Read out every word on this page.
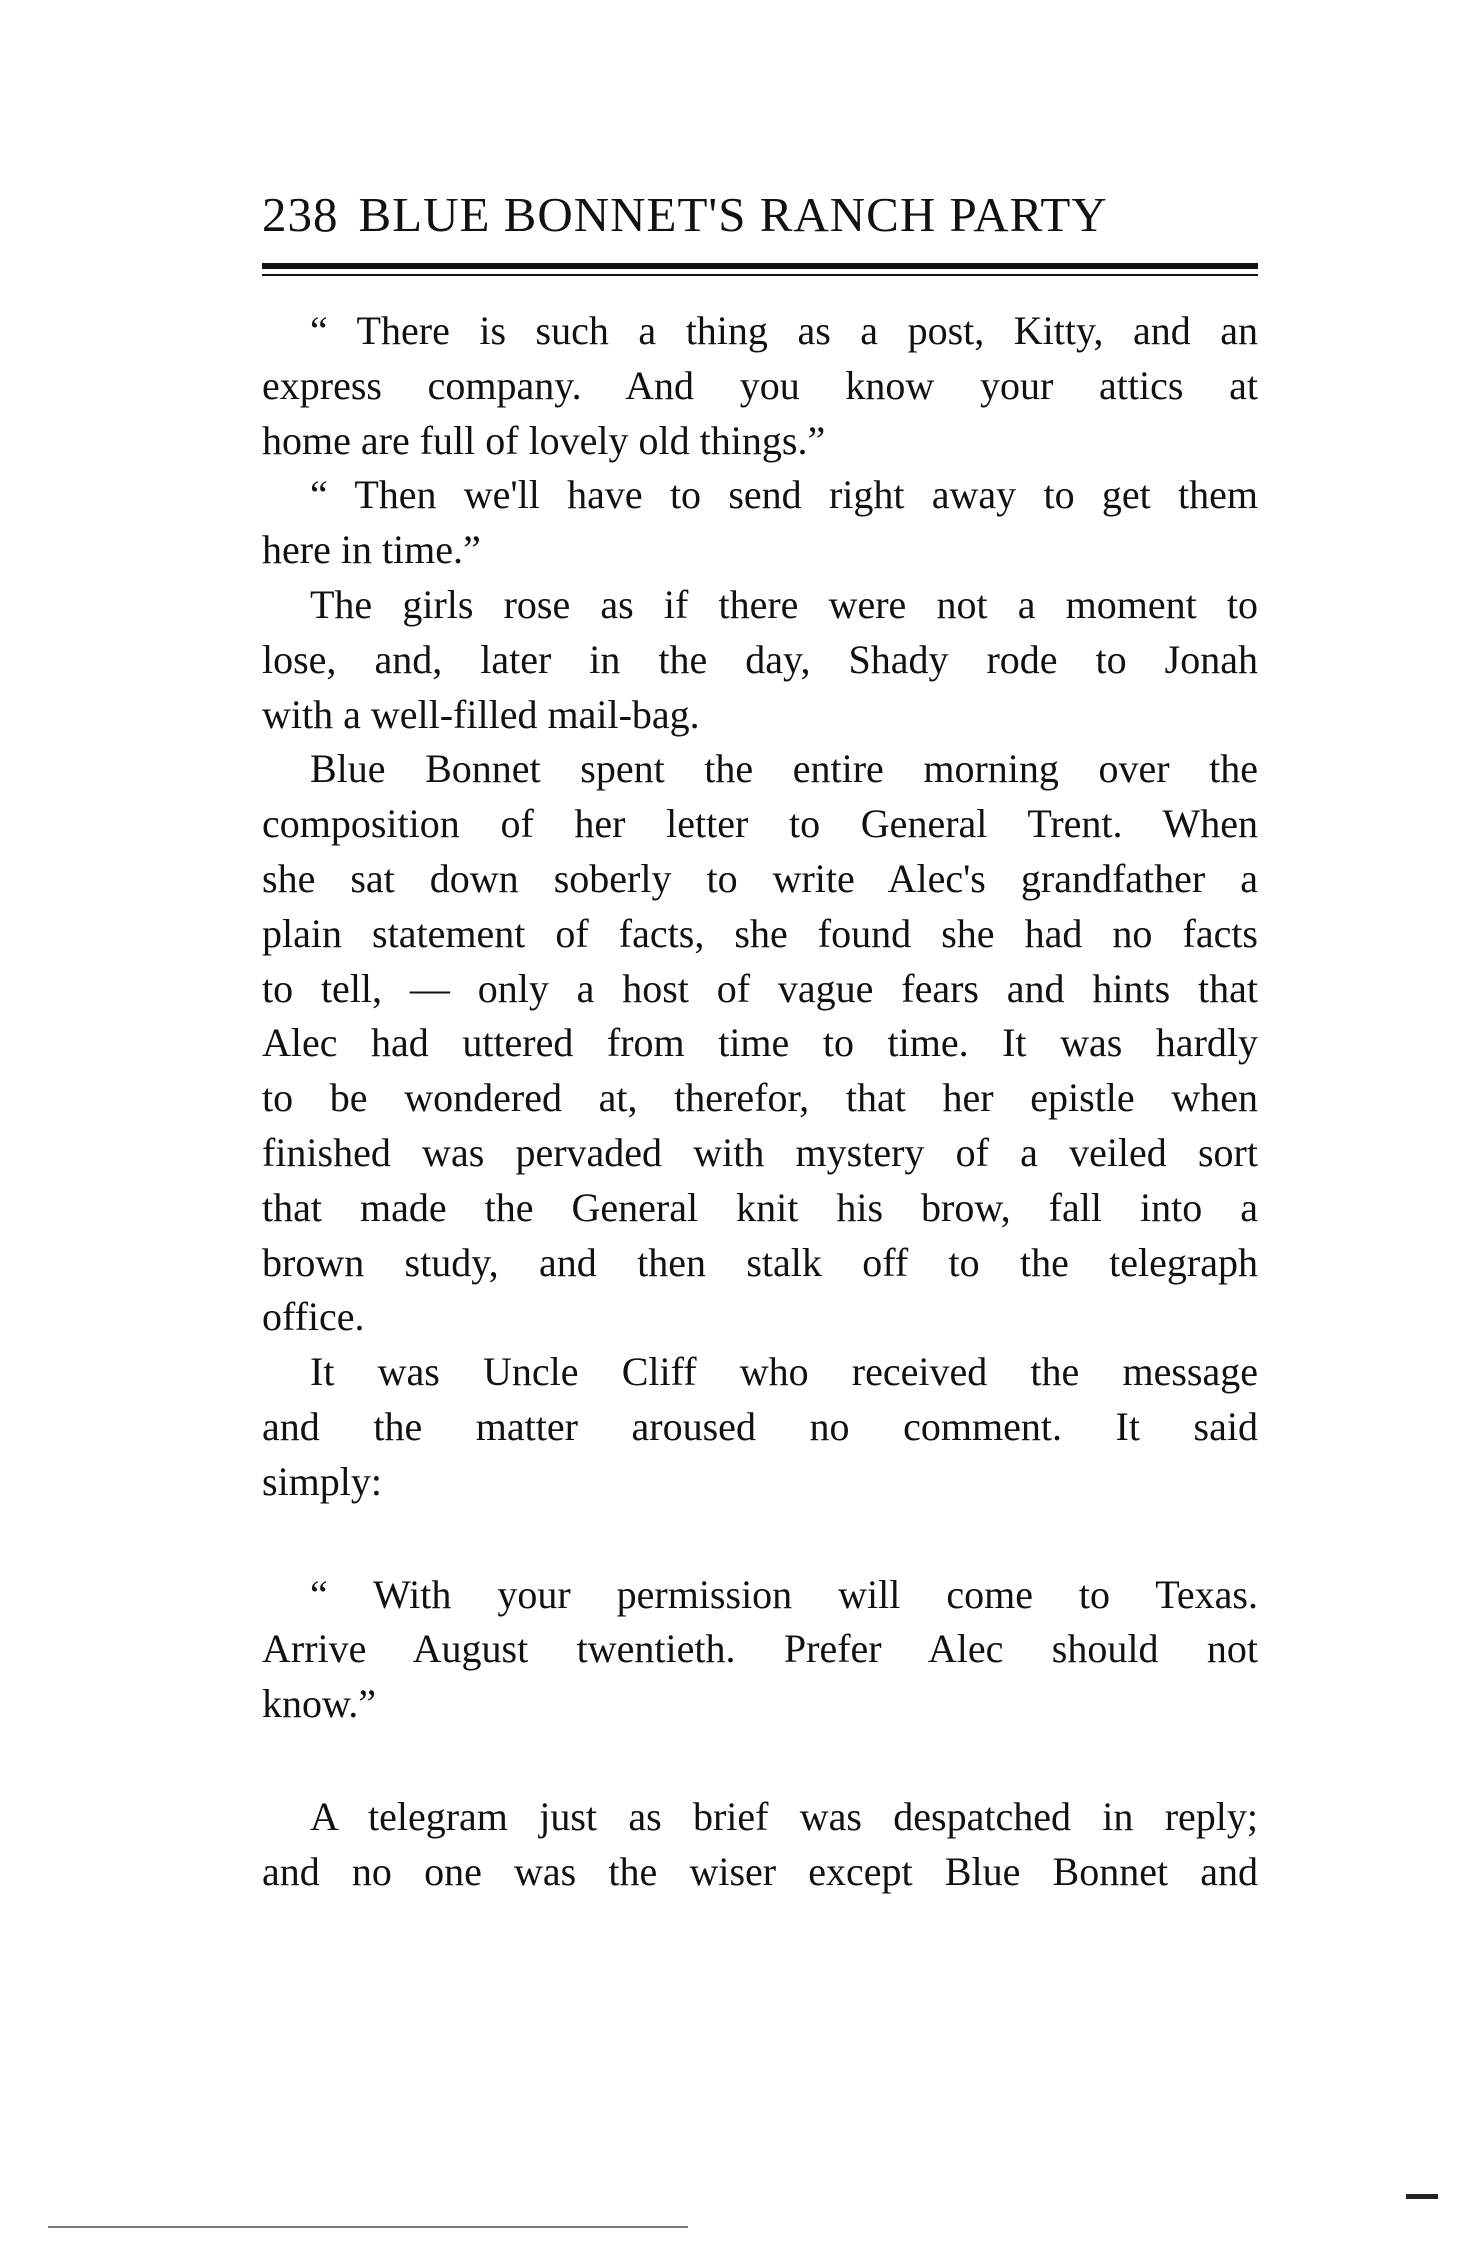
238 BLUE BONNET'S RANCH PARTY

“ There is such a thing as a post, Kitty, and an
express company. And you know your attics at
home are full of lovely old things.”

“ Then we'll have to send right away to get them
here in time.”

The girls rose as if there were not a moment to
lose, and, later in the day, Shady rode to Jonah
with a well-filled mail-bag.

Blue Bonnet spent the entire morning over the
composition of her letter to General Trent. When
she sat down soberly to write Alec's grandfather a
plain statement of facts, she found she had no facts
to tell, — only a host of vague fears and hints that
Alec had uttered from time to time. It was hardly
to be wondered at, therefor, that her epistle when
finished was pervaded with mystery of a veiled sort
that made the General knit his brow, fall into a
brown study, and then stalk off to the telegraph
office.

It was Uncle Cliff who received the message
and the matter aroused no comment. It said
simply:

“ With your permission will come to Texas.
Arrive August twentieth. Prefer Alec should not
know.”

A telegram just as brief was despatched in reply;
and no one was the wiser except Blue Bonnet and
